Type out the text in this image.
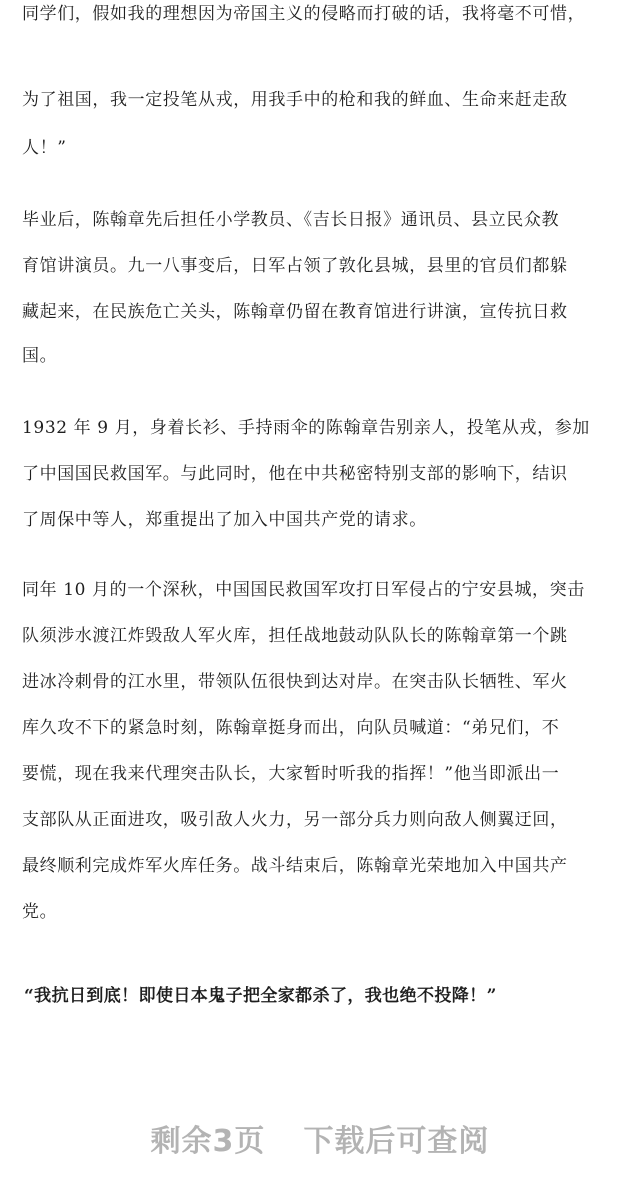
同学们，假如我的理想因为帝国主义的侵略而打破的话，我将毫不可惜，
为了祖国，我一定投笔从戎，用我手中的枪和我的鲜血、生命来赶走敌
人！”
毕业后，陈翰章先后担任小学教员、《吉长日报》通讯员、县立民众教
育馆讲演员。九一八事变后，日军占领了敦化县城，县里的官员们都躲
藏起来，在民族危亡关头，陈翰章仍留在教育馆进行讲演，宣传抗日救
国。
1932 年 9 月，身着长衫、手持雨伞的陈翰章告别亲人，投笔从戎，参加
了中国国民救国军。与此同时，他在中共秘密特别支部的影响下，结识
了周保中等人，郑重提出了加入中国共产党的请求。
同年 10 月的一个深秋，中国国民救国军攻打日军侵占的宁安县城，突击
队须涉水渡江炸毁敌人军火库，担任战地鼓动队队长的陈翰章第一个跳
进冰冷刺骨的江水里，带领队伍很快到达对岸。在突击队长牺牲、军火
库久攻不下的紧急时刻，陈翰章挺身而出，向队员喊道：“弟兄们，不
要慌，现在我来代理突击队长，大家暂时听我的指挥！”他当即派出一
支部队从正面进攻，吸引敌人火力，另一部分兵力则向敌人侧翼迂回，
最终顺利完成炸军火库任务。战斗结束后，陈翰章光荣地加入中国共产
党。
“我抗日到底！即使日本鬼子把全家都杀了，我也绝不投降！”
剩余3页 下载后可查阅
